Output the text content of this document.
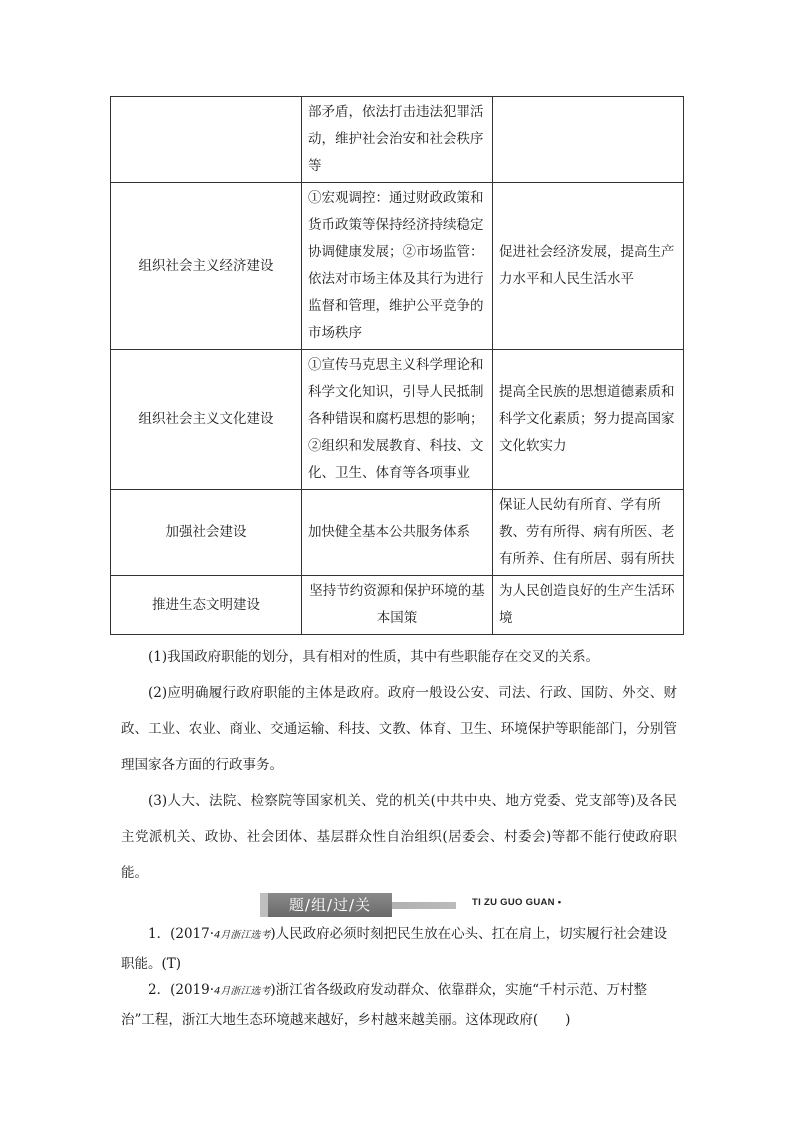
	部矛盾，依法打击违法犯罪活动，维护社会治安和社会秩序等	
组织社会主义经济建设	①宏观调控：通过财政政策和货币政策等保持经济持续稳定协调健康发展；②市场监管：依法对市场主体及其行为进行监督和管理，维护公平竞争的市场秩序	促进社会经济发展，提高生产力水平和人民生活水平
组织社会主义文化建设	①宣传马克思主义科学理论和科学文化知识，引导人民抵制各种错误和腐朽思想的影响；②组织和发展教育、科技、文化、卫生、体育等各项事业	提高全民族的思想道德素质和科学文化素质；努力提高国家文化软实力
加强社会建设	加快健全基本公共服务体系	保证人民幼有所育、学有所教、劳有所得、病有所医、老有所养、住有所居、弱有所扶
推进生态文明建设	坚持节约资源和保护环境的基本国策	为人民创造良好的生产生活环境

(1)我国政府职能的划分，具有相对的性质，其中有些职能存在交叉的关系。

(2)应明确履行政府职能的主体是政府。政府一般设公安、司法、行政、国防、外交、财政、工业、农业、商业、交通运输、科技、文教、体育、卫生、环境保护等职能部门，分别管理国家各方面的行政事务。

(3)人大、法院、检察院等国家机关、党的机关(中共中央、地方党委、党支部等)及各民主党派机关、政协、社会团体、基层群众性自治组织(居委会、村委会)等都不能行使政府职能。

题/组/过/关	TI ZU GUO GUAN •

1．(2017·4月浙江选考)人民政府必须时刻把民生放在心头、扛在肩上，切实履行社会建设职能。(T)

2．(2019·4月浙江选考)浙江省各级政府发动群众、依靠群众，实施“千村示范、万村整治”工程，浙江大地生态环境越来越好，乡村越来越美丽。这体现政府(　　)
